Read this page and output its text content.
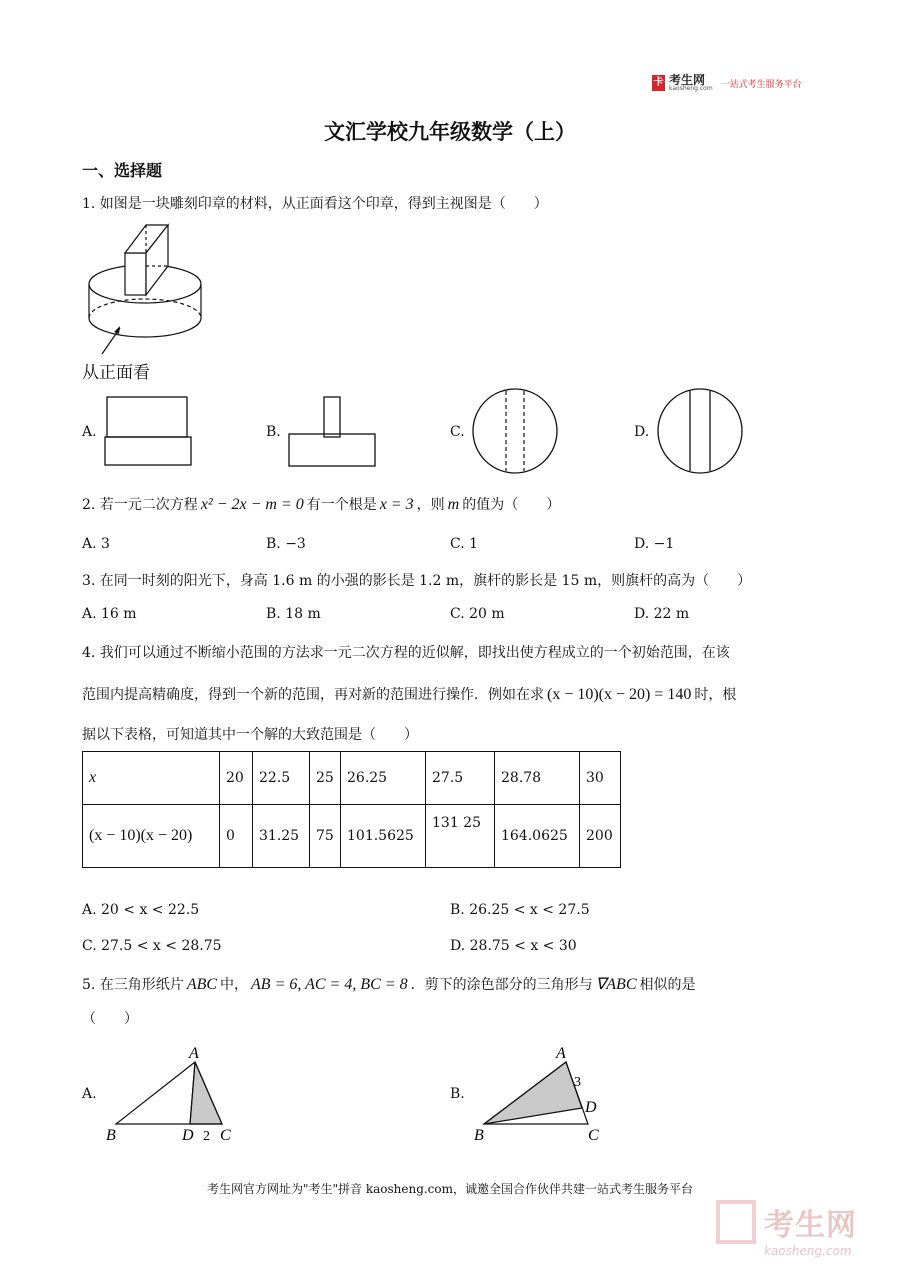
卡 考生网
kaosheng.com 一站式考生服务平台
文汇学校九年级数学（上）
一、选择题
1. 如图是一块雕刻印章的材料，从正面看这个印章，得到主视图是（　　）
从正面看
A.	B.	C.	D.
2. 若一元二次方程 x² − 2x − m = 0 有一个根是 x = 3 ，则 m 的值为（　　）
A. 3	B. −3	C. 1	D. −1
3. 在同一时刻的阳光下，身高 1.6 m 的小强的影长是 1.2 m，旗杆的影长是 15 m，则旗杆的高为（　　）
A. 16 m	B. 18 m	C. 20 m	D. 22 m
4. 我们可以通过不断缩小范围的方法求一元二次方程的近似解，即找出使方程成立的一个初始范围，在该
范围内提高精确度，得到一个新的范围，再对新的范围进行操作．例如在求 (x − 10)(x − 20) = 140 时，根
据以下表格，可知道其中一个解的大致范围是（　　）
x	20	22.5	25	26.25	27.5	28.78	30
(x − 10)(x − 20)	0	31.25	75	101.5625	131 25	164.0625	200
A. 20 < x < 22.5	B. 26.25 < x < 27.5
C. 27.5 < x < 28.75	D. 28.75 < x < 30
5. 在三角形纸片 ABC 中， AB = 6, AC = 4, BC = 8 ．剪下的涂色部分的三角形与 ∇ABC 相似的是
（　　）
A.
A
B	D 2 C
B.
A
3
D
B	C
考生网官方网址为"考生"拼音 kaosheng.com，诚邀全国合作伙伴共建一站式考生服务平台
考生网
kaosheng.com
